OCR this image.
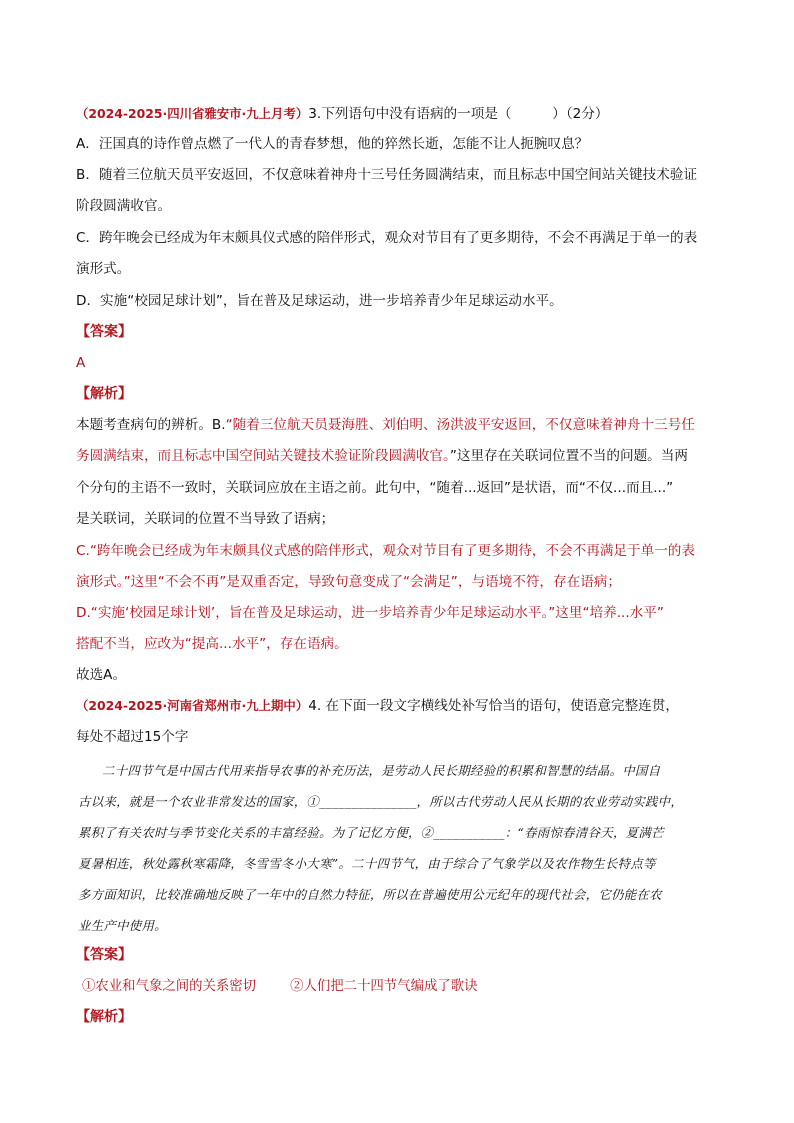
（2024-2025·四川省雅安市·九上月考）3.下列语句中没有语病的一项是（　　　）（2分）
A．汪国真的诗作曾点燃了一代人的青春梦想，他的猝然长逝，怎能不让人扼腕叹息？
B．随着三位航天员平安返回，不仅意味着神舟十三号任务圆满结束，而且标志中国空间站关键技术验证
阶段圆满收官。
C．跨年晚会已经成为年末颇具仪式感的陪伴形式，观众对节目有了更多期待，不会不再满足于单一的表
演形式。
D．实施“校园足球计划”，旨在普及足球运动，进一步培养青少年足球运动水平。
【答案】
A
【解析】
本题考查病句的辨析。B.“随着三位航天员聂海胜、刘伯明、汤洪波平安返回，不仅意味着神舟十三号任
务圆满结束，而且标志中国空间站关键技术验证阶段圆满收官。”这里存在关联词位置不当的问题。当两
个分句的主语不一致时，关联词应放在主语之前。此句中，“随着...返回”是状语，而“不仅...而且...”
是关联词，关联词的位置不当导致了语病；
C.“跨年晚会已经成为年末颇具仪式感的陪伴形式，观众对节目有了更多期待，不会不再满足于单一的表
演形式。”这里“不会不再”是双重否定，导致句意变成了“会满足”，与语境不符，存在语病；
D.“实施‘校园足球计划’，旨在普及足球运动，进一步培养青少年足球运动水平。”这里“培养...水平”
搭配不当，应改为“提高...水平”，存在语病。
故选A。
（2024-2025·河南省郑州市·九上期中）4. 在下面一段文字横线处补写恰当的语句，使语意完整连贯，
每处不超过15个字
二十四节气是中国古代用来指导农事的补充历法，是劳动人民长期经验的积累和智慧的结晶。中国自
古以来，就是一个农业非常发达的国家，①_______________，所以古代劳动人民从长期的农业劳动实践中，
累积了有关农时与季节变化关系的丰富经验。为了记忆方便，②___________：“春雨惊春清谷天，夏满芒
夏暑相连，秋处露秋寒霜降，冬雪雪冬小大寒”。二十四节气，由于综合了气象学以及农作物生长特点等
多方面知识，比较准确地反映了一年中的自然力特征，所以在普遍使用公元纪年的现代社会，它仍能在农
业生产中使用。
【答案】
①农业和气象之间的关系密切	②人们把二十四节气编成了歌诀
【解析】
